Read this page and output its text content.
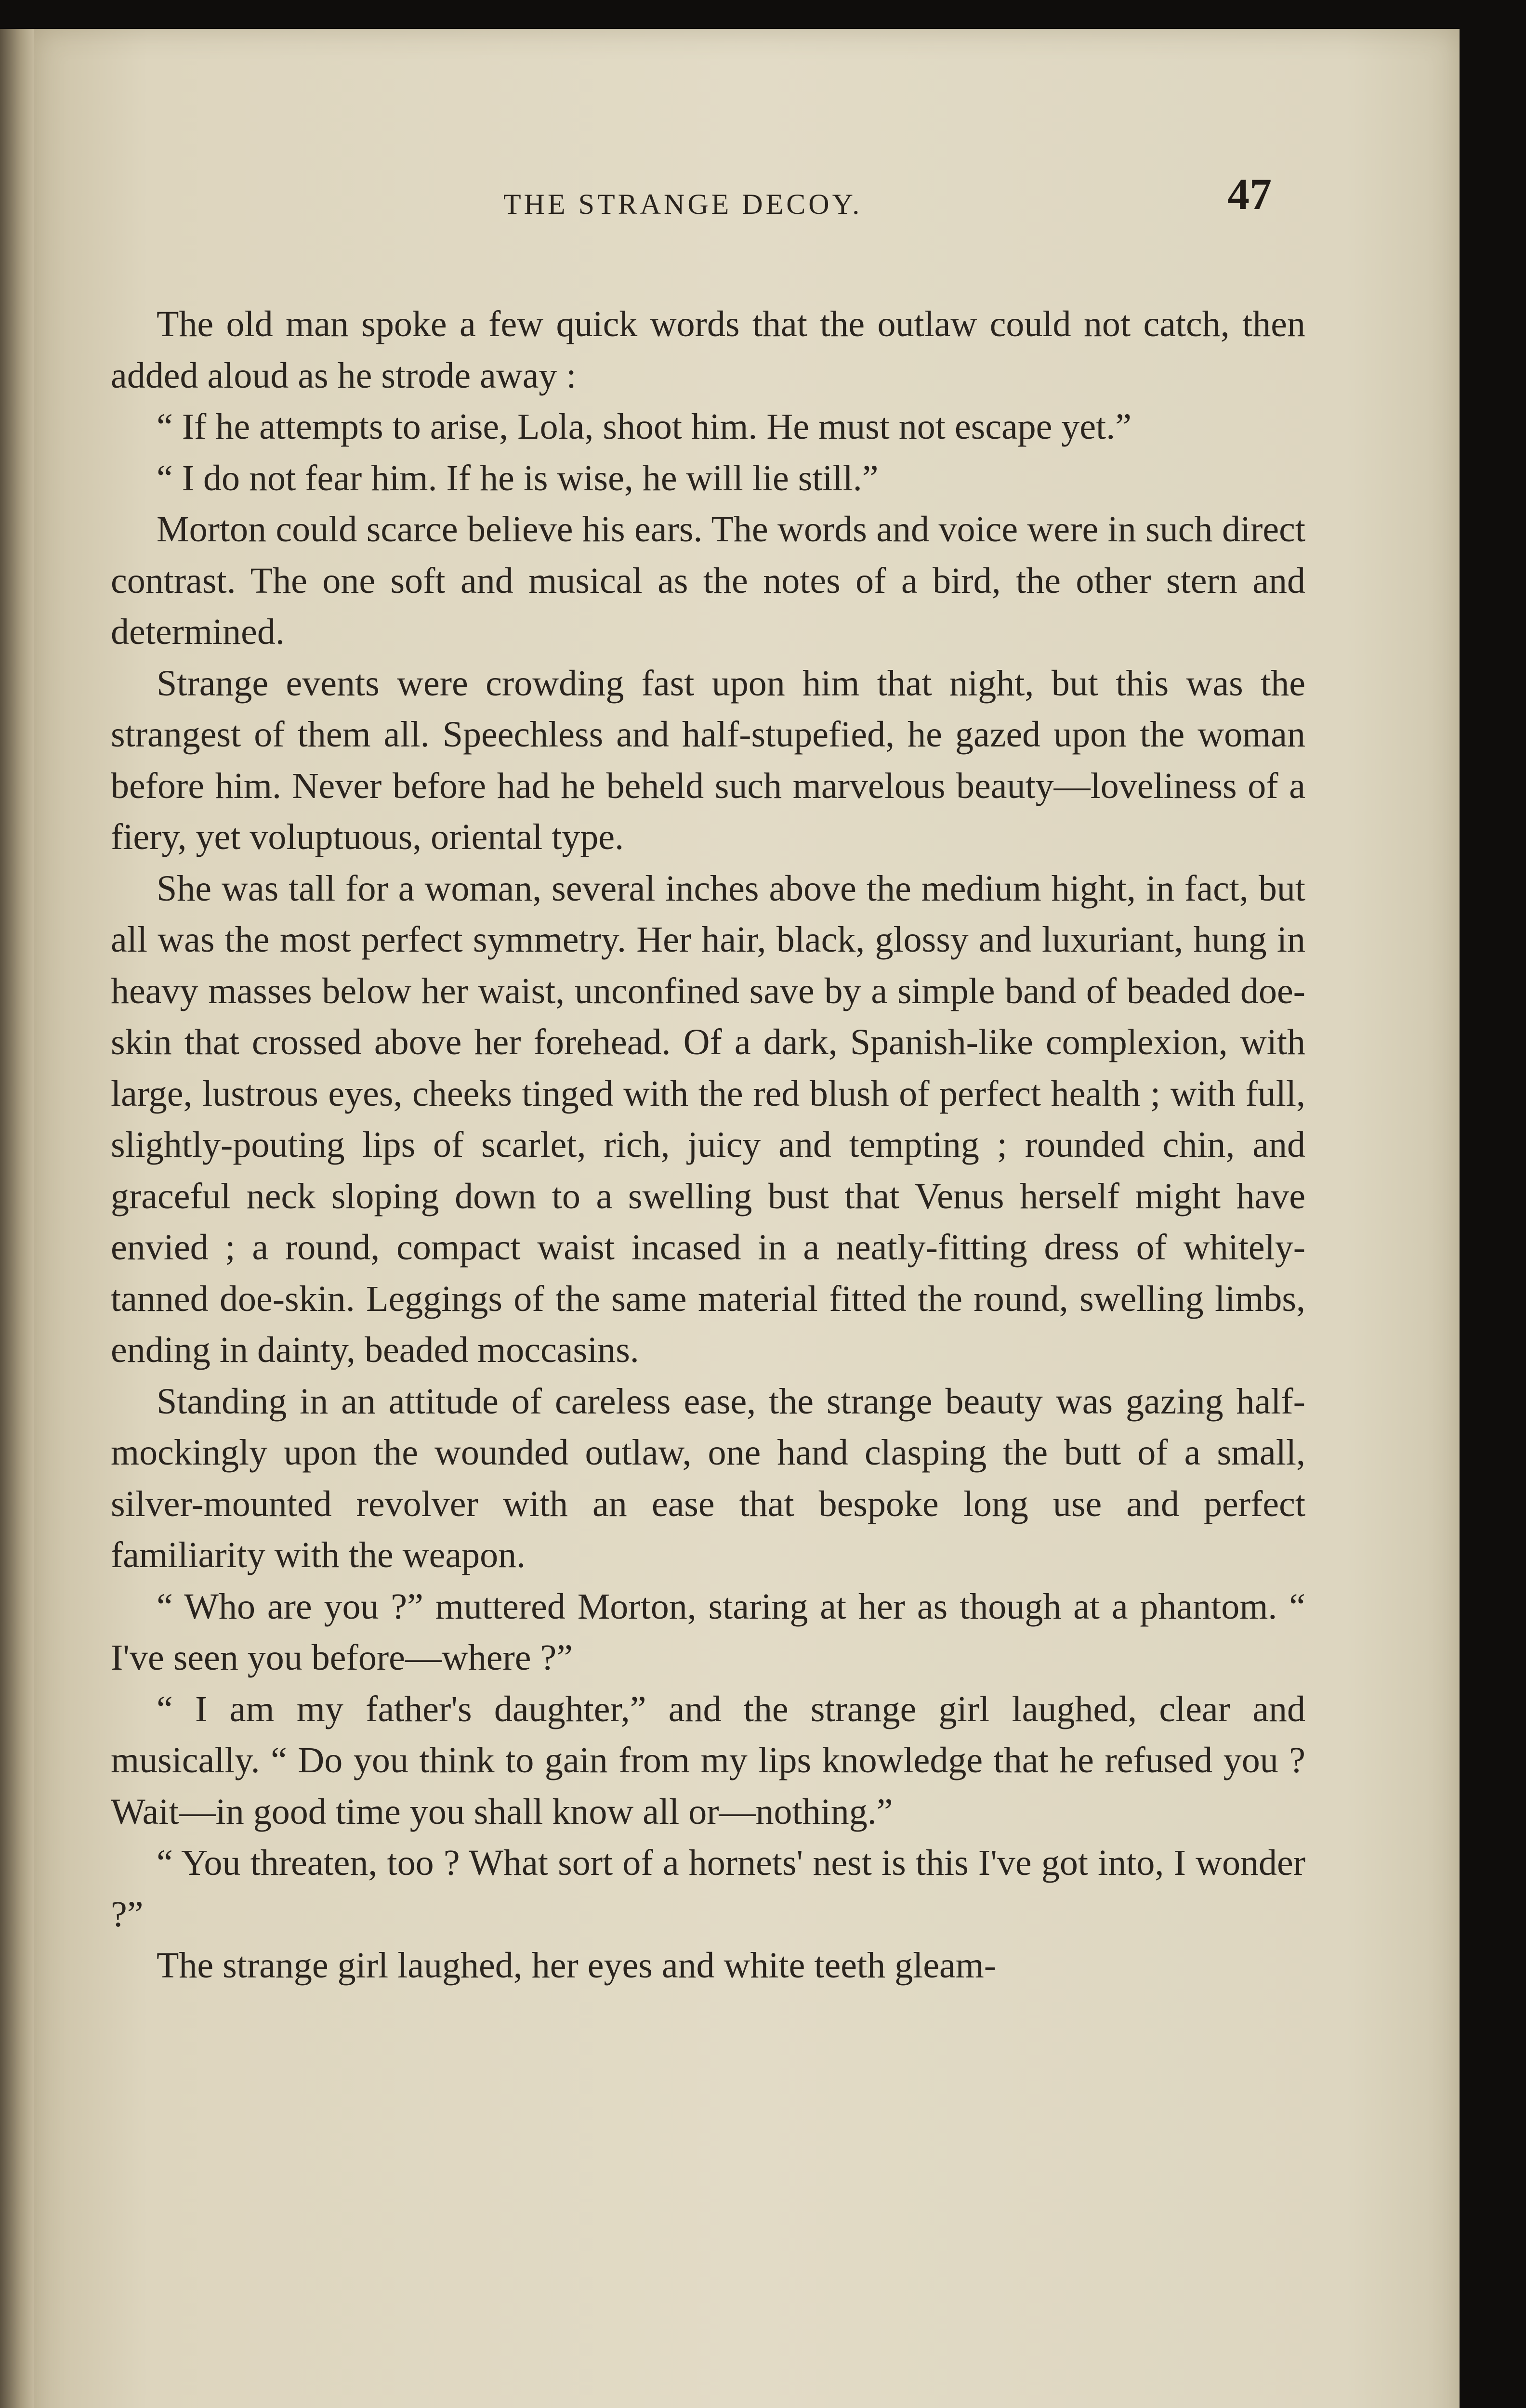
THE STRANGE DECOY.	47

The old man spoke a few quick words that the outlaw could not catch, then added aloud as he strode away :

“ If he attempts to arise, Lola, shoot him. He must not escape yet.”

“ I do not fear him. If he is wise, he will lie still.”

Morton could scarce believe his ears. The words and voice were in such direct contrast. The one soft and musical as the notes of a bird, the other stern and determined.

Strange events were crowding fast upon him that night, but this was the strangest of them all. Speechless and half-stupefied, he gazed upon the woman before him. Never before had he beheld such marvelous beauty—loveliness of a fiery, yet voluptuous, oriental type.

She was tall for a woman, several inches above the medium hight, in fact, but all was the most perfect symmetry. Her hair, black, glossy and luxuriant, hung in heavy masses below her waist, unconfined save by a simple band of beaded doe-skin that crossed above her forehead. Of a dark, Spanish-like complexion, with large, lustrous eyes, cheeks tinged with the red blush of perfect health ; with full, slightly-pouting lips of scarlet, rich, juicy and tempting ; rounded chin, and graceful neck sloping down to a swelling bust that Venus herself might have envied ; a round, compact waist incased in a neatly-fitting dress of whitely-tanned doe-skin. Leggings of the same material fitted the round, swelling limbs, ending in dainty, beaded moccasins.

Standing in an attitude of careless ease, the strange beauty was gazing half-mockingly upon the wounded outlaw, one hand clasping the butt of a small, silver-mounted revolver with an ease that bespoke long use and perfect familiarity with the weapon.

“ Who are you ?” muttered Morton, staring at her as though at a phantom. “ I've seen you before—where ?”

“ I am my father's daughter,” and the strange girl laughed, clear and musically. “ Do you think to gain from my lips knowledge that he refused you ? Wait—in good time you shall know all or—nothing.”

“ You threaten, too ? What sort of a hornets' nest is this I've got into, I wonder ?”

The strange girl laughed, her eyes and white teeth gleam-
